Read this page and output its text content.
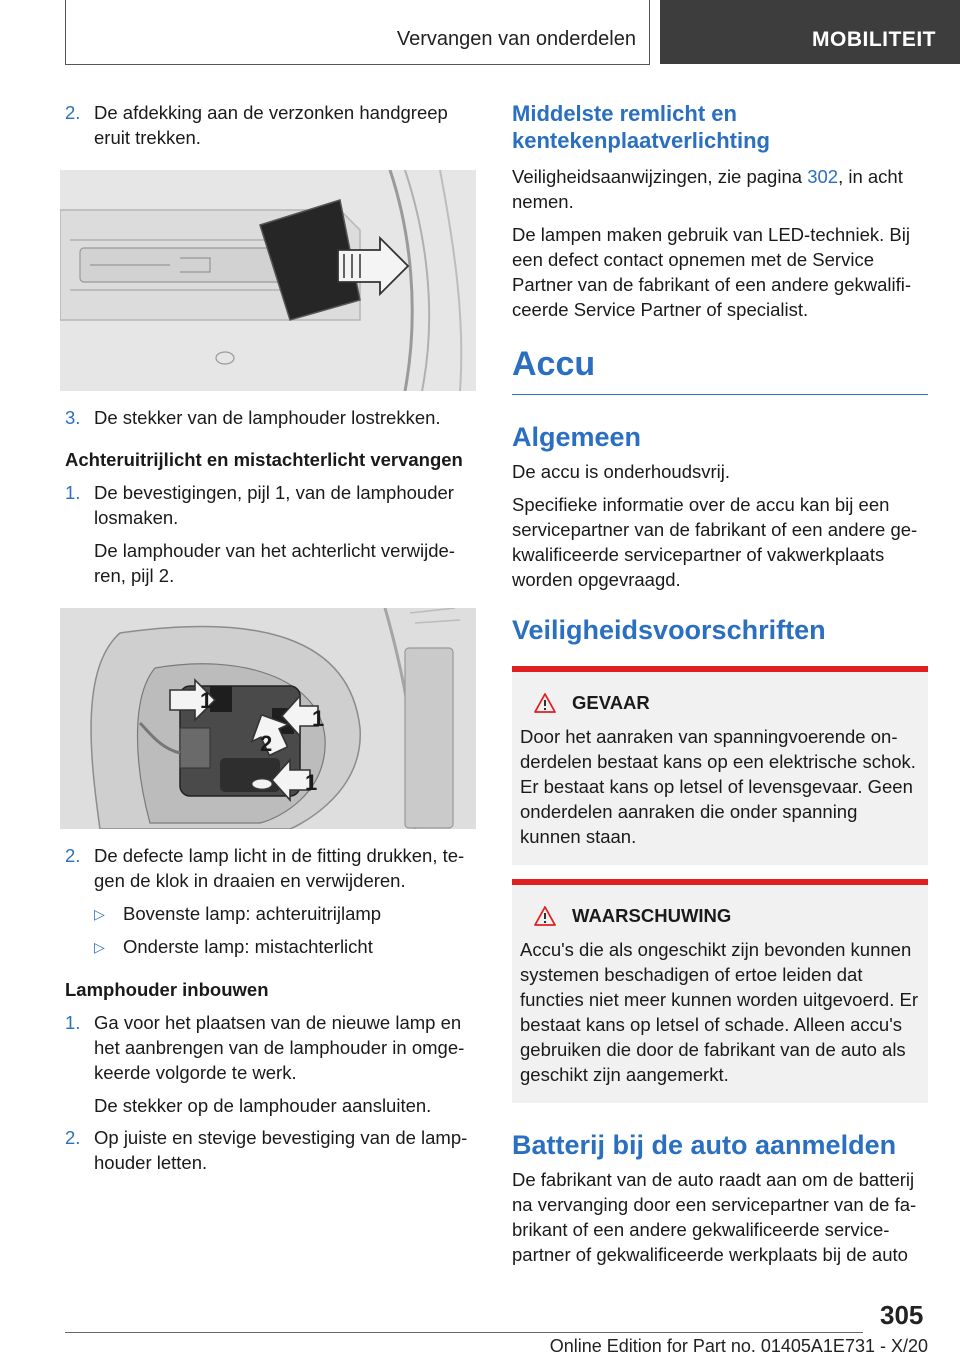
Vervangen van onderdelen	MOBILITEIT
2. De afdekking aan de verzonken handgreep eruit trekken.
3. De stekker van de lamphouder lostrekken.
Achteruitrijlicht en mistachterlicht vervangen
1. De bevestigingen, pijl 1, van de lamphouder losmaken.
De lamphouder van het achterlicht verwijderen, pijl 2.
1
1
2
1
2. De defecte lamp licht in de fitting drukken, tegen de klok in draaien en verwijderen.
▷ Bovenste lamp: achteruitrijlamp
▷ Onderste lamp: mistachterlicht
Lamphouder inbouwen
1. Ga voor het plaatsen van de nieuwe lamp en het aanbrengen van de lamphouder in omgekeerde volgorde te werk.
De stekker op de lamphouder aansluiten.
2. Op juiste en stevige bevestiging van de lamphouder letten.
Middelste remlicht en kentekenplaatverlichting
Veiligheidsaanwijzingen, zie pagina 302, in acht nemen.
De lampen maken gebruik van LED-techniek. Bij een defect contact opnemen met de Service Partner van de fabrikant of een andere gekwalificeerde Service Partner of specialist.
Accu
Algemeen
De accu is onderhoudsvrij.
Specifieke informatie over de accu kan bij een servicepartner van de fabrikant of een andere gekwalificeerde servicepartner of vakwerkplaats worden opgevraagd.
Veiligheidsvoorschriften
GEVAAR
Door het aanraken van spanningvoerende onderdelen bestaat kans op een elektrische schok. Er bestaat kans op letsel of levensgevaar. Geen onderdelen aanraken die onder spanning kunnen staan.
WAARSCHUWING
Accu's die als ongeschikt zijn bevonden kunnen systemen beschadigen of ertoe leiden dat functies niet meer kunnen worden uitgevoerd. Er bestaat kans op letsel of schade. Alleen accu's gebruiken die door de fabrikant van de auto als geschikt zijn aangemerkt.
Batterij bij de auto aanmelden
De fabrikant van de auto raadt aan om de batterij na vervanging door een servicepartner van de fabrikant of een andere gekwalificeerde servicepartner of gekwalificeerde werkplaats bij de auto
305
Online Edition for Part no. 01405A1E731 - X/20
